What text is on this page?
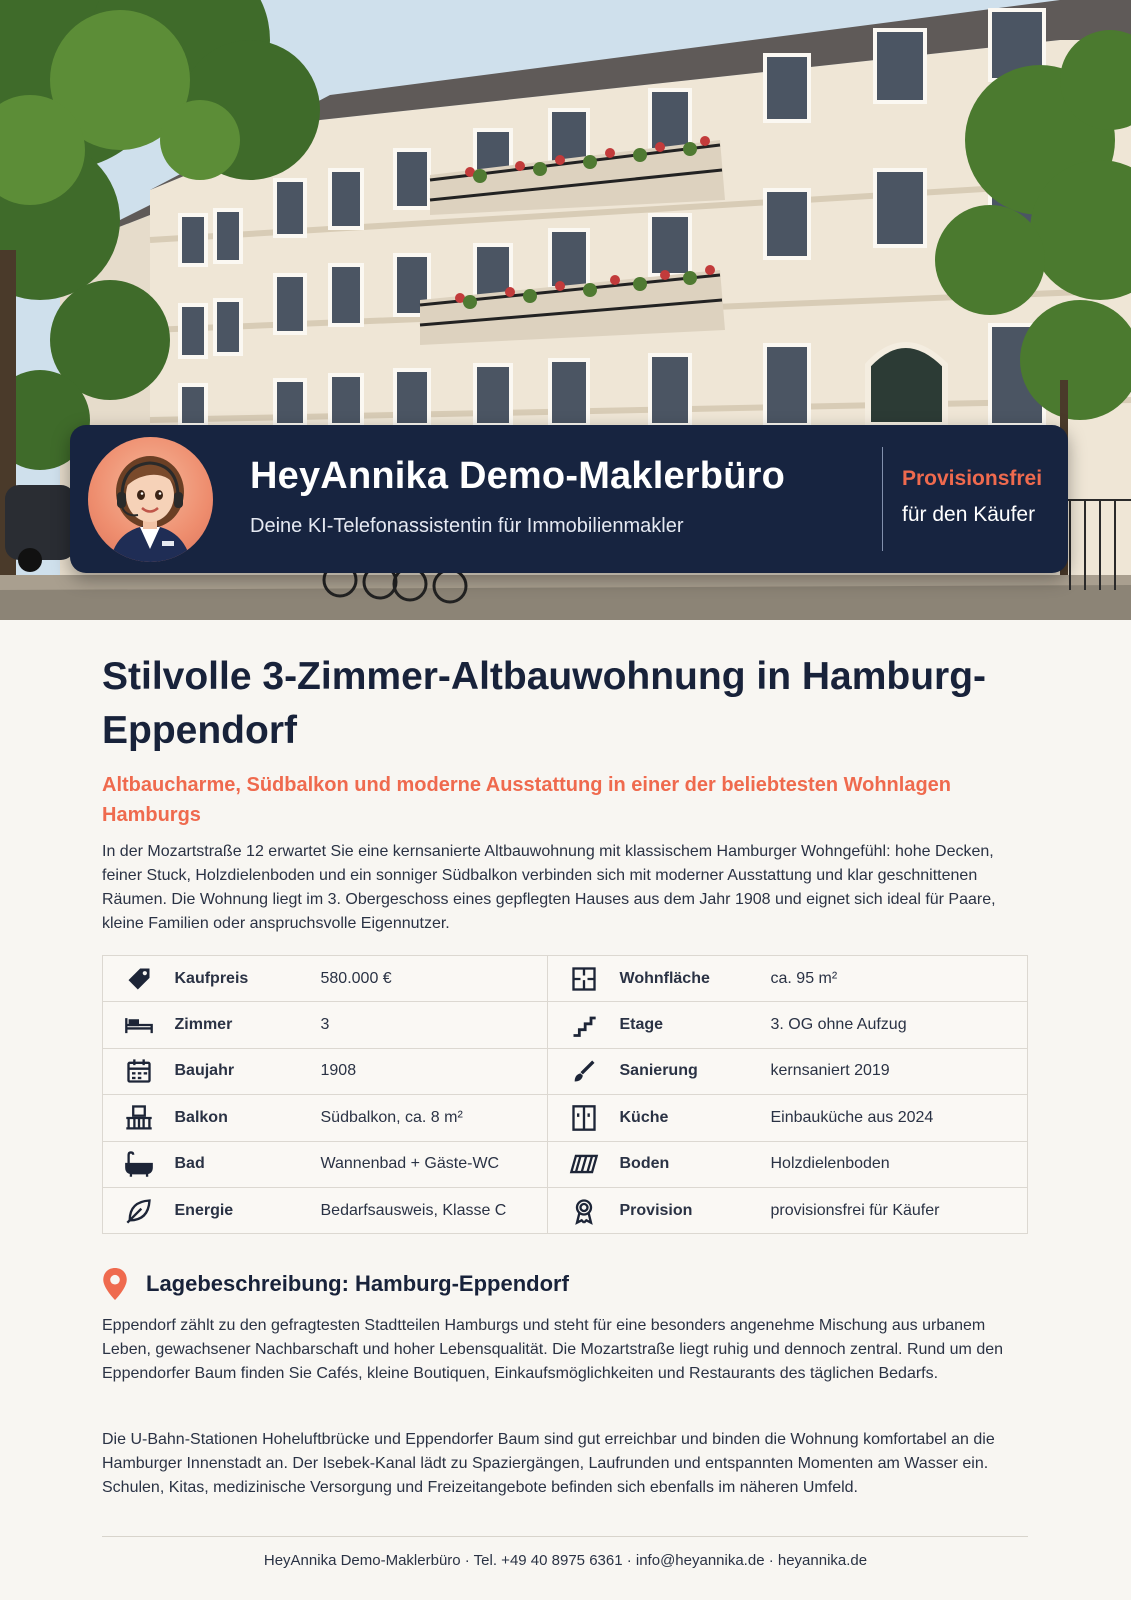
HeyAnnika Demo-Maklerbüro
Deine KI-Telefonassistentin für Immobilienmakler
Provisionsfrei
für den Käufer
Stilvolle 3-Zimmer-Altbauwohnung in Hamburg-Eppendorf
Altbaucharme, Südbalkon und moderne Ausstattung in einer der beliebtesten Wohnlagen Hamburgs

In der Mozartstraße 12 erwartet Sie eine kernsanierte Altbauwohnung mit klassischem Hamburger Wohngefühl: hohe Decken, feiner Stuck, Holzdielenboden und ein sonniger Südbalkon verbinden sich mit moderner Ausstattung und klar geschnittenen Räumen. Die Wohnung liegt im 3. Obergeschoss eines gepflegten Hauses aus dem Jahr 1908 und eignet sich ideal für Paare, kleine Familien oder anspruchsvolle Eigennutzer.

	Kaufpreis	580.000 €		Wohnfläche	ca. 95 m²
	Zimmer	3		Etage	3. OG ohne Aufzug
	Baujahr	1908		Sanierung	kernsaniert 2019
	Balkon	Südbalkon, ca. 8 m²		Küche	Einbauküche aus 2024
	Bad	Wannenbad + Gäste-WC		Boden	Holzdielenboden
	Energie	Bedarfsausweis, Klasse C		Provision	provisionsfrei für Käufer
Lagebeschreibung: Hamburg-Eppendorf

Eppendorf zählt zu den gefragtesten Stadtteilen Hamburgs und steht für eine besonders angenehme Mischung aus urbanem Leben, gewachsener Nachbarschaft und hoher Lebensqualität. Die Mozartstraße liegt ruhig und dennoch zentral. Rund um den Eppendorfer Baum finden Sie Cafés, kleine Boutiquen, Einkaufsmöglichkeiten und Restaurants des täglichen Bedarfs.

Die U-Bahn-Stationen Hoheluftbrücke und Eppendorfer Baum sind gut erreichbar und binden die Wohnung komfortabel an die Hamburger Innenstadt an. Der Isebek-Kanal lädt zu Spaziergängen, Laufrunden und entspannten Momenten am Wasser ein. Schulen, Kitas, medizinische Versorgung und Freizeitangebote befinden sich ebenfalls im näheren Umfeld.

HeyAnnika Demo-Maklerbüro · Tel. +49 40 8975 6361 · info@heyannika.de · heyannika.de
